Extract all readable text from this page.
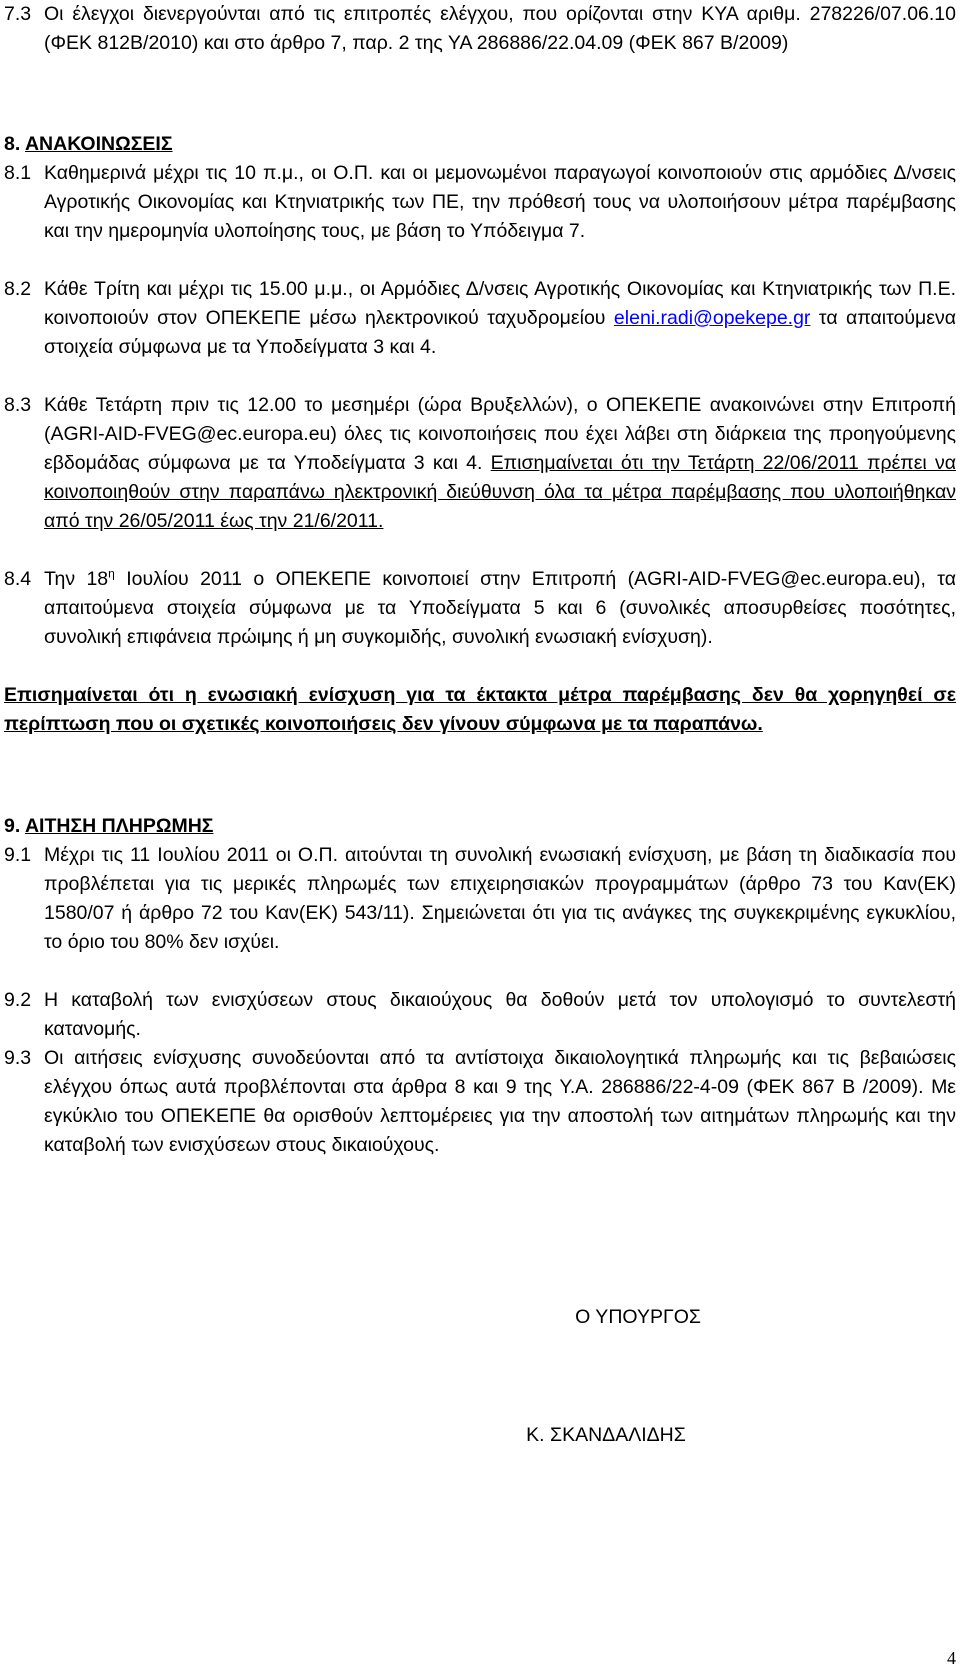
7.3 Οι έλεγχοι διενεργούνται από τις επιτροπές ελέγχου, που ορίζονται στην ΚΥΑ αριθμ. 278226/07.06.10 (ΦΕΚ 812Β/2010) και στο άρθρο 7, παρ. 2 της ΥΑ 286886/22.04.09 (ΦΕΚ 867 Β/2009)
8. ΑΝΑΚΟΙΝΩΣΕΙΣ
8.1 Καθημερινά μέχρι τις 10 π.μ., οι Ο.Π. και οι μεμονωμένοι παραγωγοί κοινοποιούν στις αρμόδιες Δ/νσεις Αγροτικής Οικονομίας και Κτηνιατρικής των ΠΕ, την πρόθεσή τους να υλοποιήσουν μέτρα παρέμβασης και την ημερομηνία υλοποίησης τους, με βάση το Υπόδειγμα 7.
8.2 Κάθε Τρίτη και μέχρι τις 15.00 μ.μ., οι Αρμόδιες Δ/νσεις Αγροτικής Οικονομίας και Κτηνιατρικής των Π.Ε. κοινοποιούν στον ΟΠΕΚΕΠΕ μέσω ηλεκτρονικού ταχυδρομείου eleni.radi@opekepe.gr τα απαιτούμενα στοιχεία σύμφωνα με τα Υποδείγματα 3 και 4.
8.3 Κάθε Τετάρτη πριν τις 12.00 το μεσημέρι (ώρα Βρυξελλών), ο ΟΠΕΚΕΠΕ ανακοινώνει στην Επιτροπή (AGRI-AID-FVEG@ec.europa.eu) όλες τις κοινοποιήσεις που έχει λάβει στη διάρκεια της προηγούμενης εβδομάδας σύμφωνα με τα Υποδείγματα 3 και 4. Επισημαίνεται ότι την Τετάρτη 22/06/2011 πρέπει να κοινοποιηθούν στην παραπάνω ηλεκτρονική διεύθυνση όλα τα μέτρα παρέμβασης που υλοποιήθηκαν από την 26/05/2011 έως την 21/6/2011.
8.4 Την $18^\eta$ Ιουλίου 2011 ο ΟΠΕΚΕΠΕ κοινοποιεί στην Επιτροπή (AGRI-AID-FVEG@ec.europa.eu), τα απαιτούμενα στοιχεία σύμφωνα με τα Υποδείγματα 5 και 6 (συνολικές αποσυρθείσες ποσότητες, συνολική επιφάνεια πρώιμης ή μη συγκομιδής, συνολική ενωσιακή ενίσχυση).
Επισημαίνεται ότι η ενωσιακή ενίσχυση για τα έκτακτα μέτρα παρέμβασης δεν θα χορηγηθεί σε περίπτωση που οι σχετικές κοινοποιήσεις δεν γίνουν σύμφωνα με τα παραπάνω.
9. ΑΙΤΗΣΗ ΠΛΗΡΩΜΗΣ
9.1 Μέχρι τις 11 Ιουλίου 2011 οι Ο.Π. αιτούνται τη συνολική ενωσιακή ενίσχυση, με βάση τη διαδικασία που προβλέπεται για τις μερικές πληρωμές των επιχειρησιακών προγραμμάτων (άρθρο 73 του Καν(ΕΚ) 1580/07 ή άρθρο 72 του Καν(ΕΚ) 543/11). Σημειώνεται ότι για τις ανάγκες της συγκεκριμένης εγκυκλίου, το όριο του 80% δεν ισχύει.
9.2 Η καταβολή των ενισχύσεων στους δικαιούχους θα δοθούν μετά τον υπολογισμό το συντελεστή κατανομής.
9.3 Οι αιτήσεις ενίσχυσης συνοδεύονται από τα αντίστοιχα δικαιολογητικά πληρωμής και τις βεβαιώσεις ελέγχου όπως αυτά προβλέπονται στα άρθρα 8 και 9 της Υ.Α. 286886/22-4-09 (ΦΕΚ 867 Β /2009). Με εγκύκλιο του ΟΠΕΚΕΠΕ θα ορισθούν λεπτομέρειες για την αποστολή των αιτημάτων πληρωμής και την καταβολή των ενισχύσεων στους δικαιούχους.
Ο ΥΠΟΥΡΓΟΣ
Κ. ΣΚΑΝΔΑΛΙΔΗΣ
4
